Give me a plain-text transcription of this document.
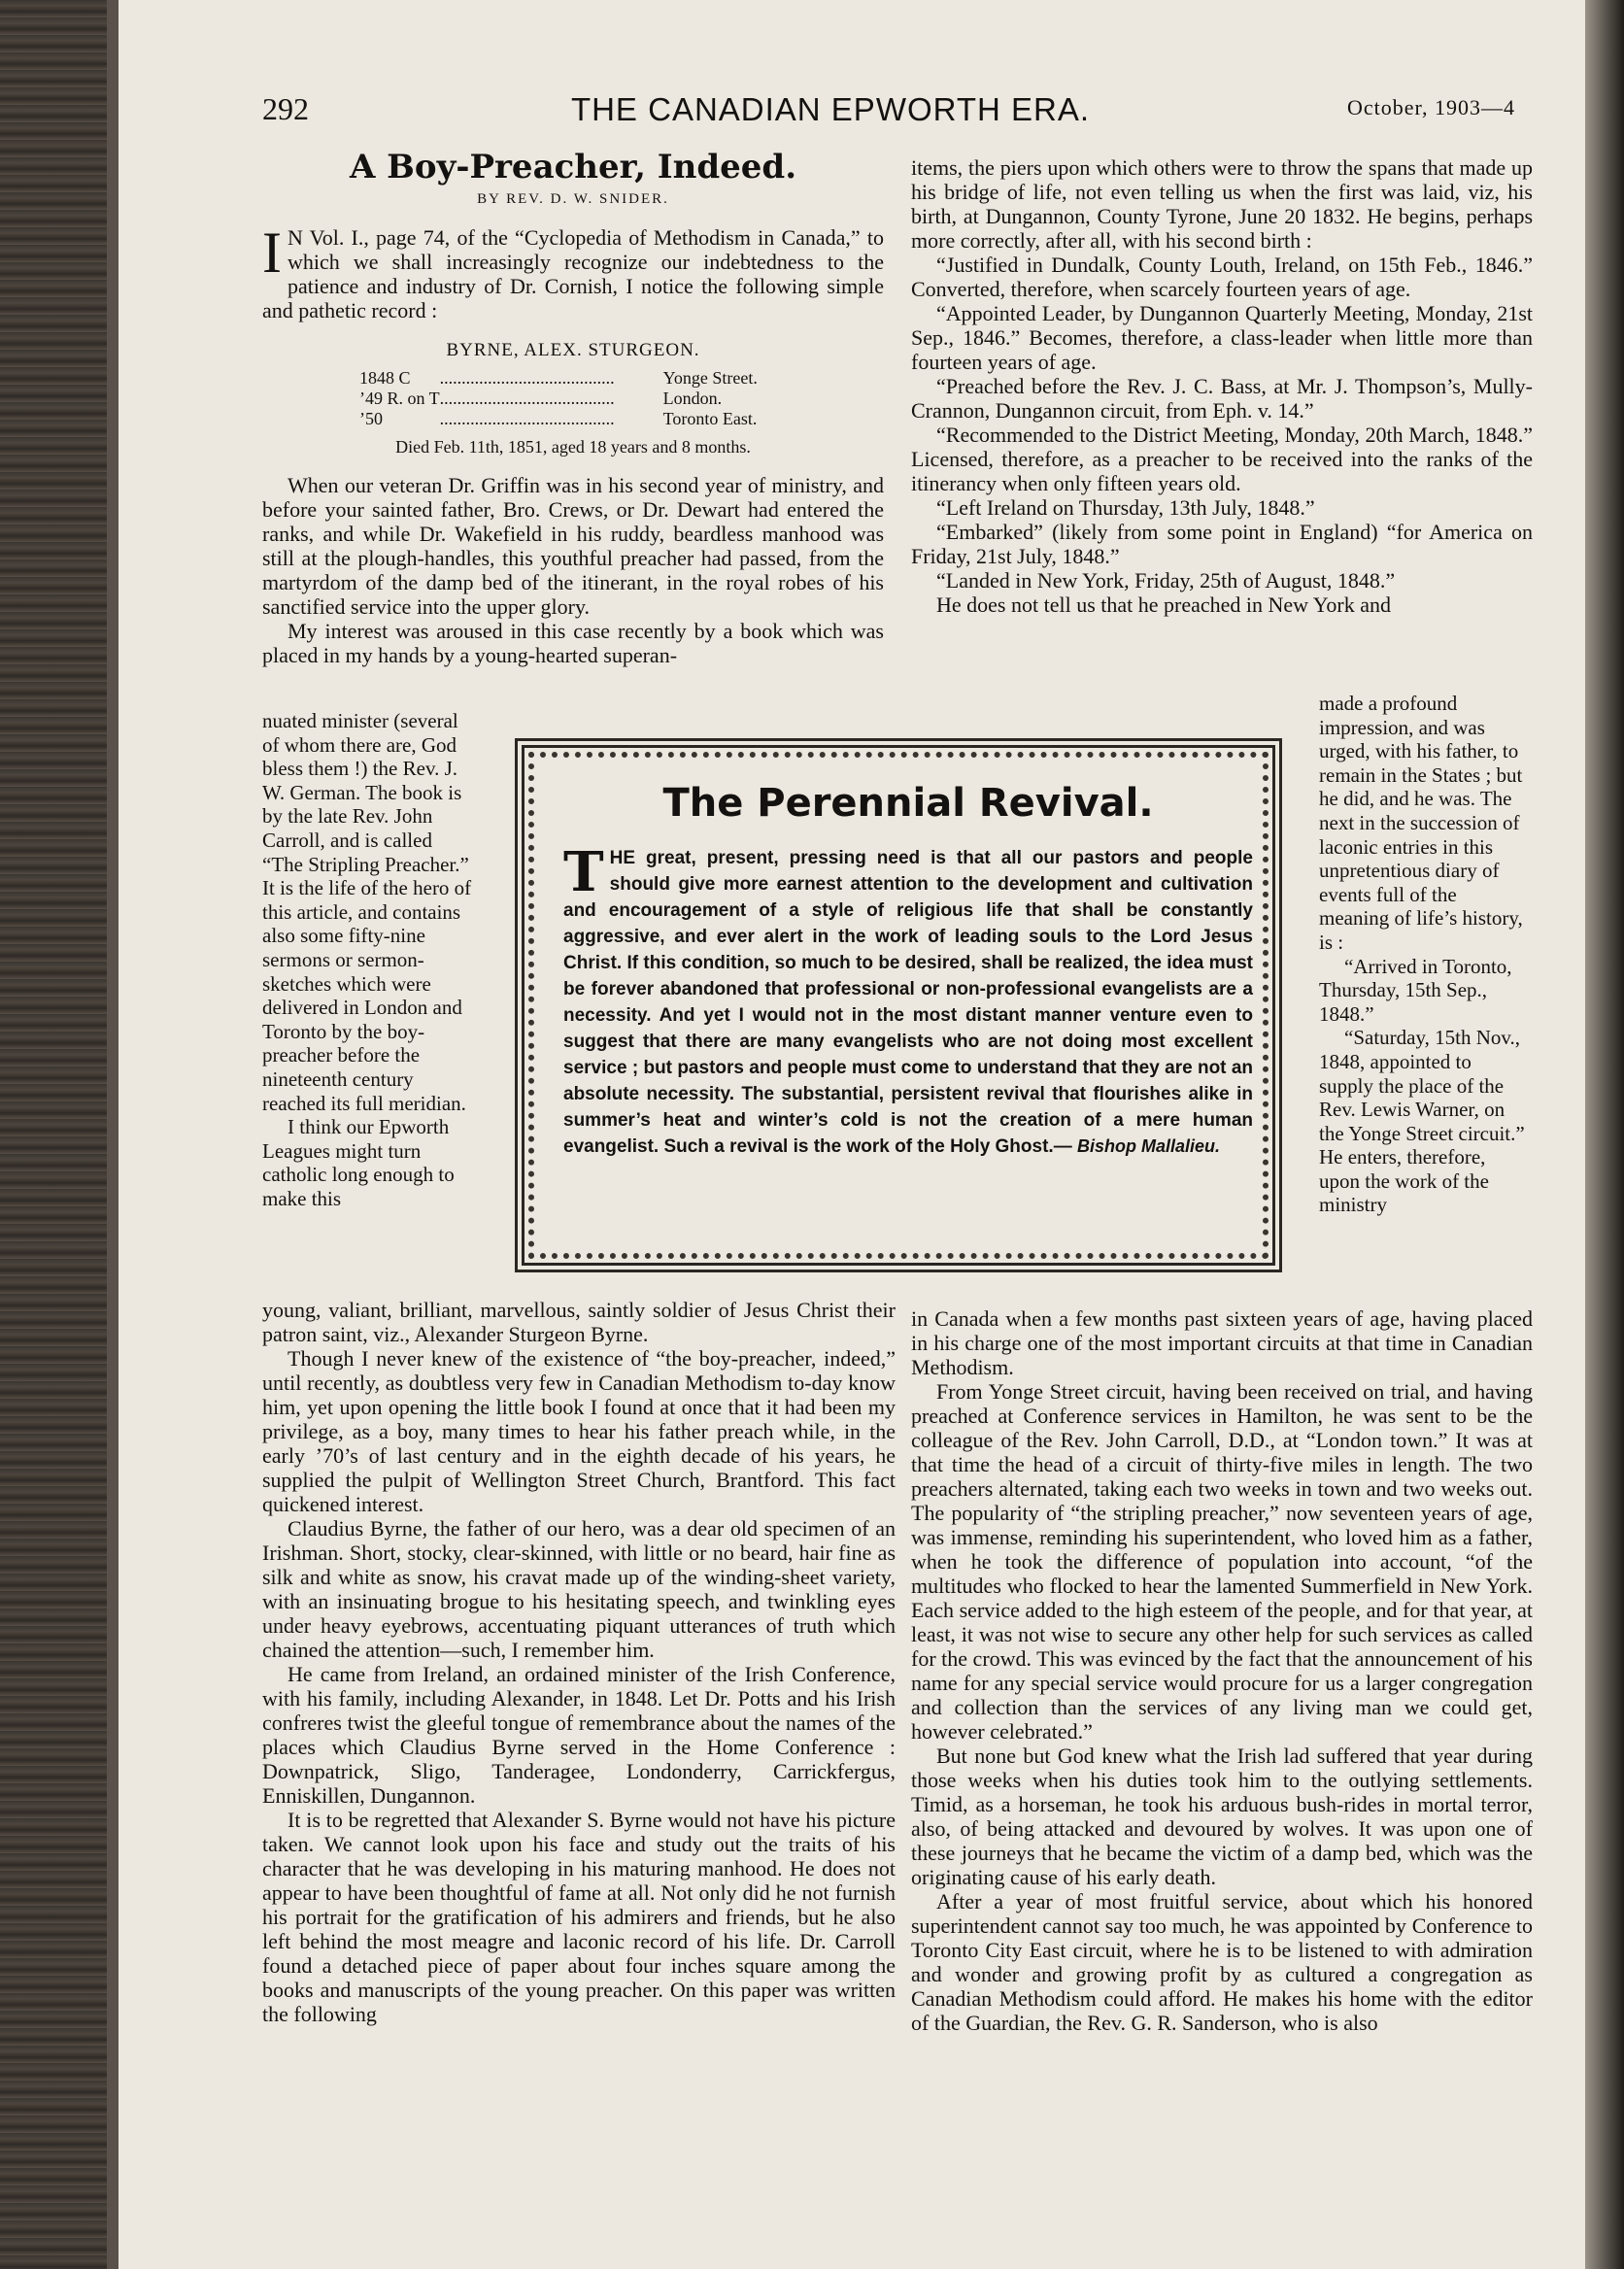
THE CANADIAN EPWORTH ERA.
292	October, 1903—4
A Boy-Preacher, Indeed.
BY REV. D. W. SNIDER.

I N Vol. I., page 74, of the “Cyclopedia of Methodism in Canada,” to which we shall increasingly recognize our indebtedness to the patience and industry of Dr. Cornish, I notice the following simple and pathetic record :

BYRNE, ALEX. STURGEON.
1848 C	........................................	Yonge Street.
’49 R. on T	........................................	London.
’50	........................................	Toronto East.
Died Feb. 11th, 1851, aged 18 years and 8 months.

When our veteran Dr. Griffin was in his second year of ministry, and before your sainted father, Bro. Crews, or Dr. Dewart had entered the ranks, and while Dr. Wakefield in his ruddy, beardless manhood was still at the plough-handles, this youthful preacher had passed, from the martyrdom of the damp bed of the itinerant, in the royal robes of his sanctified service into the upper glory.

My interest was aroused in this case recently by a book which was placed in my hands by a young-hearted superan-

nuated minister (several of whom there are, God bless them !) the Rev. J. W. German. The book is by the late Rev. John Carroll, and is called “The Stripling Preacher.” It is the life of the hero of this article, and contains also some fifty-nine sermons or sermon-sketches which were delivered in London and Toronto by the boy-preacher before the nineteenth century reached its full meridian.

I think our Epworth Leagues might turn catholic long enough to make this

The Perennial Revival.
THE great, present, pressing need is that all our pastors and people should give more earnest attention to the development and cultivation and encouragement of a style of religious life that shall be constantly aggressive, and ever alert in the work of leading souls to the Lord Jesus Christ. If this condition, so much to be desired, shall be realized, the idea must be forever abandoned that professional or non-professional evangelists are a necessity. And yet I would not in the most distant manner venture even to suggest that there are many evangelists who are not doing most excellent service ; but pastors and people must come to understand that they are not an absolute necessity. The substantial, persistent revival that flourishes alike in summer’s heat and winter’s cold is not the creation of a mere human evangelist. Such a revival is the work of the Holy Ghost.— Bishop Mallalieu.

young, valiant, brilliant, marvellous, saintly soldier of Jesus Christ their patron saint, viz., Alexander Sturgeon Byrne.

Though I never knew of the existence of “the boy-preacher, indeed,” until recently, as doubtless very few in Canadian Methodism to-day know him, yet upon opening the little book I found at once that it had been my privilege, as a boy, many times to hear his father preach while, in the early ’70’s of last century and in the eighth decade of his years, he supplied the pulpit of Wellington Street Church, Brantford. This fact quickened interest.

Claudius Byrne, the father of our hero, was a dear old specimen of an Irishman. Short, stocky, clear-skinned, with little or no beard, hair fine as silk and white as snow, his cravat made up of the winding-sheet variety, with an insinuating brogue to his hesitating speech, and twinkling eyes under heavy eyebrows, accentuating piquant utterances of truth which chained the attention—such, I remember him.

He came from Ireland, an ordained minister of the Irish Conference, with his family, including Alexander, in 1848. Let Dr. Potts and his Irish confreres twist the gleeful tongue of remembrance about the names of the places which Claudius Byrne served in the Home Conference : Downpatrick, Sligo, Tanderagee, Londonderry, Carrickfergus, Enniskillen, Dungannon.

It is to be regretted that Alexander S. Byrne would not have his picture taken. We cannot look upon his face and study out the traits of his character that he was developing in his maturing manhood. He does not appear to have been thoughtful of fame at all. Not only did he not furnish his portrait for the gratification of his admirers and friends, but he also left behind the most meagre and laconic record of his life. Dr. Carroll found a detached piece of paper about four inches square among the books and manuscripts of the young preacher. On this paper was written the following

items, the piers upon which others were to throw the spans that made up his bridge of life, not even telling us when the first was laid, viz, his birth, at Dungannon, County Tyrone, June 20 1832. He begins, perhaps more correctly, after all, with his second birth :

“Justified in Dundalk, County Louth, Ireland, on 15th Feb., 1846.” Converted, therefore, when scarcely fourteen years of age.

“Appointed Leader, by Dungannon Quarterly Meeting, Monday, 21st Sep., 1846.” Becomes, therefore, a class-leader when little more than fourteen years of age.

“Preached before the Rev. J. C. Bass, at Mr. J. Thompson’s, Mully-Crannon, Dungannon circuit, from Eph. v. 14.”

“Recommended to the District Meeting, Monday, 20th March, 1848.” Licensed, therefore, as a preacher to be received into the ranks of the itinerancy when only fifteen years old.

“Left Ireland on Thursday, 13th July, 1848.”

“Embarked” (likely from some point in England) “for America on Friday, 21st July, 1848.”

“Landed in New York, Friday, 25th of August, 1848.”

He does not tell us that he preached in New York and

made a profound impression, and was urged, with his father, to remain in the States ; but he did, and he was. The next in the succession of laconic entries in this unpretentious diary of events full of the meaning of life’s history, is :

“Arrived in Toronto, Thursday, 15th Sep., 1848.”

“Saturday, 15th Nov., 1848, appointed to supply the place of the Rev. Lewis Warner, on the Yonge Street circuit.” He enters, therefore, upon the work of the ministry

in Canada when a few months past sixteen years of age, having placed in his charge one of the most important circuits at that time in Canadian Methodism.

From Yonge Street circuit, having been received on trial, and having preached at Conference services in Hamilton, he was sent to be the colleague of the Rev. John Carroll, D.D., at “London town.” It was at that time the head of a circuit of thirty-five miles in length. The two preachers alternated, taking each two weeks in town and two weeks out. The popularity of “the stripling preacher,” now seventeen years of age, was immense, reminding his superintendent, who loved him as a father, when he took the difference of population into account, “of the multitudes who flocked to hear the lamented Summerfield in New York. Each service added to the high esteem of the people, and for that year, at least, it was not wise to secure any other help for such services as called for the crowd. This was evinced by the fact that the announcement of his name for any special service would procure for us a larger congregation and collection than the services of any living man we could get, however celebrated.”

But none but God knew what the Irish lad suffered that year during those weeks when his duties took him to the outlying settlements. Timid, as a horseman, he took his arduous bush-rides in mortal terror, also, of being attacked and devoured by wolves. It was upon one of these journeys that he became the victim of a damp bed, which was the originating cause of his early death.

After a year of most fruitful service, about which his honored superintendent cannot say too much, he was appointed by Conference to Toronto City East circuit, where he is to be listened to with admiration and wonder and growing profit by as cultured a congregation as Canadian Methodism could afford. He makes his home with the editor of the Guardian, the Rev. G. R. Sanderson, who is also
